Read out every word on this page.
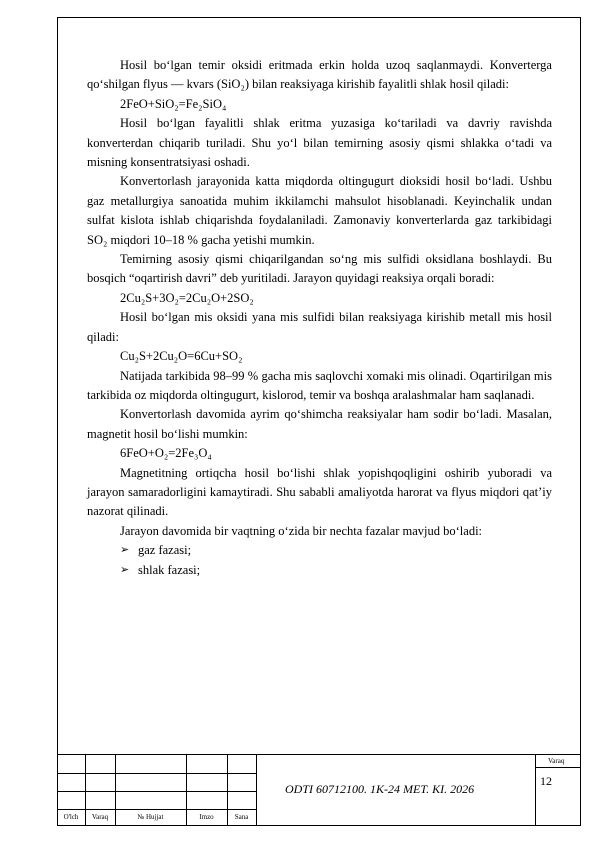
Hosil bo‘lgan temir oksidi eritmada erkin holda uzoq saqlanmaydi. Konverterga qo‘shilgan flyus — kvars (SiO₂) bilan reaksiyaga kirishib fayalitli shlak hosil qiladi:

2FeO+SiO₂=Fe₂SiO₄

Hosil bo‘lgan fayalitli shlak eritma yuzasiga ko‘tariladi va davriy ravishda konverterdan chiqarib turiladi. Shu yo‘l bilan temirning asosiy qismi shlakka o‘tadi va misning konsentratsiyasi oshadi.

Konvertorlash jarayonida katta miqdorda oltingugurt dioksidi hosil bo‘ladi. Ushbu gaz metallurgiya sanoatida muhim ikkilamchi mahsulot hisoblanadi. Keyinchalik undan sulfat kislota ishlab chiqarishda foydalaniladi. Zamonaviy konverterlarda gaz tarkibidagi SO₂ miqdori 10–18 % gacha yetishi mumkin.

Temirning asosiy qismi chiqarilgandan so‘ng mis sulfidi oksidlana boshlaydi. Bu bosqich “oqartirish davri” deb yuritiladi. Jarayon quyidagi reaksiya orqali boradi:

2Cu₂S+3O₂=2Cu₂O+2SO₂

Hosil bo‘lgan mis oksidi yana mis sulfidi bilan reaksiyaga kirishib metall mis hosil qiladi:

Cu₂S+2Cu₂O=6Cu+SO₂

Natijada tarkibida 98–99 % gacha mis saqlovchi xomaki mis olinadi. Oqartirilgan mis tarkibida oz miqdorda oltingugurt, kislorod, temir va boshqa aralashmalar ham saqlanadi.

Konvertorlash davomida ayrim qo‘shimcha reaksiyalar ham sodir bo‘ladi. Masalan, magnetit hosil bo‘lishi mumkin:

6FeO+O₂=2Fe₃O₄

Magnetitning ortiqcha hosil bo‘lishi shlak yopishqoqligini oshirib yuboradi va jarayon samaradorligini kamaytiradi. Shu sababli amaliyotda harorat va flyus miqdori qat’iy nazorat qilinadi.

Jarayon davomida bir vaqtning o‘zida bir nechta fazalar mavjud bo‘ladi:

➢ gaz fazasi;
➢ shlak fazasi;
O'lch	Varaq	№ Hujjat	Imzo	Sana
ODTI 60712100. 1K-24 MET. KI. 2026
Varaq
12
